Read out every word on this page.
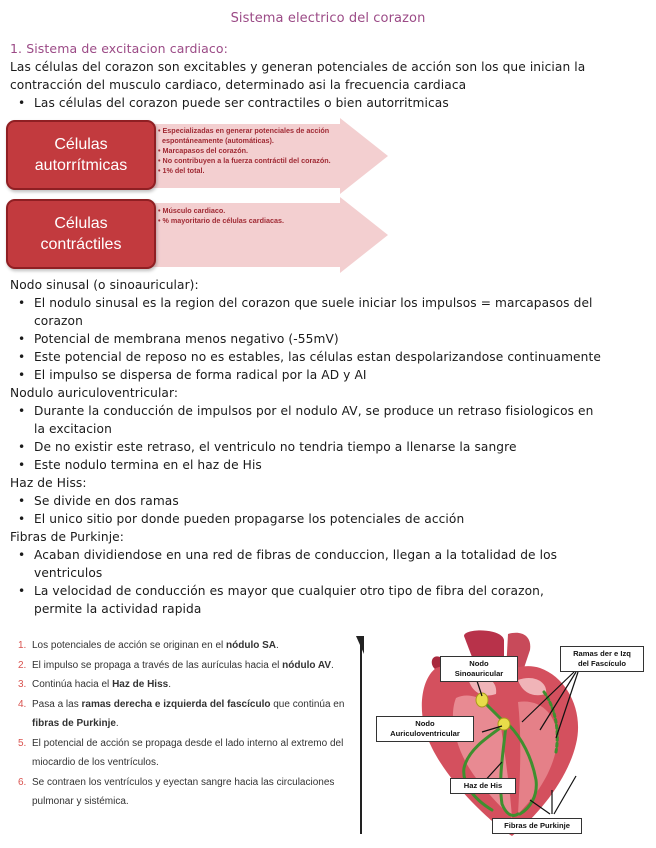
Sistema electrico del corazon
1. Sistema de excitacion cardiaco:
Las células del corazon son excitables y generan potenciales de acción son los que inician la
contracción del musculo cardiaco, determinado asi la frecuencia cardiaca
• Las células del corazon puede ser contractiles o bien autorritmicas
Células
autorrítmicas
• Especializadas en generar potenciales de acción
espontáneamente (automáticas).
• Marcapasos del corazón.
• No contribuyen a la fuerza contráctil del corazón.
• 1% del total.
Células
contráctiles
• Músculo cardiaco.
• % mayoritario de células cardiacas.
Nodo sinusal (o sinoauricular):
• El nodulo sinusal es la region del corazon que suele iniciar los impulsos = marcapasos del
corazon
• Potencial de membrana menos negativo (-55mV)
• Este potencial de reposo no es estables, las células estan despolarizandose continuamente
• El impulso se dispersa de forma radical por la AD y AI
Nodulo auriculoventricular:
• Durante la conducción de impulsos por el nodulo AV, se produce un retraso fisiologicos en
la excitacion
• De no existir este retraso, el ventriculo no tendria tiempo a llenarse la sangre
• Este nodulo termina en el haz de His
Haz de Hiss:
• Se divide en dos ramas
• El unico sitio por donde pueden propagarse los potenciales de acción
Fibras de Purkinje:
• Acaban dividiendose en una red de fibras de conduccion, llegan a la totalidad de los
ventriculos
• La velocidad de conducción es mayor que cualquier otro tipo de fibra del corazon,
permite la actividad rapida
1. Los potenciales de acción se originan en el nódulo SA.
2. El impulso se propaga a través de las aurículas hacia el nódulo AV.
3. Continúa hacia el Haz de Hiss.
4. Pasa a las ramas derecha e izquierda del fascículo que continúa en fibras de Purkinje.
5. El potencial de acción se propaga desde el lado interno al extremo del miocardio de los ventrículos.
6. Se contraen los ventrículos y eyectan sangre hacia las circulaciones pulmonar y sistémica.
Nodo
Sinoauricular
Nodo
Auriculoventricular
Ramas der e Izq
del Fascículo
Haz de His
Fibras de Purkinje
